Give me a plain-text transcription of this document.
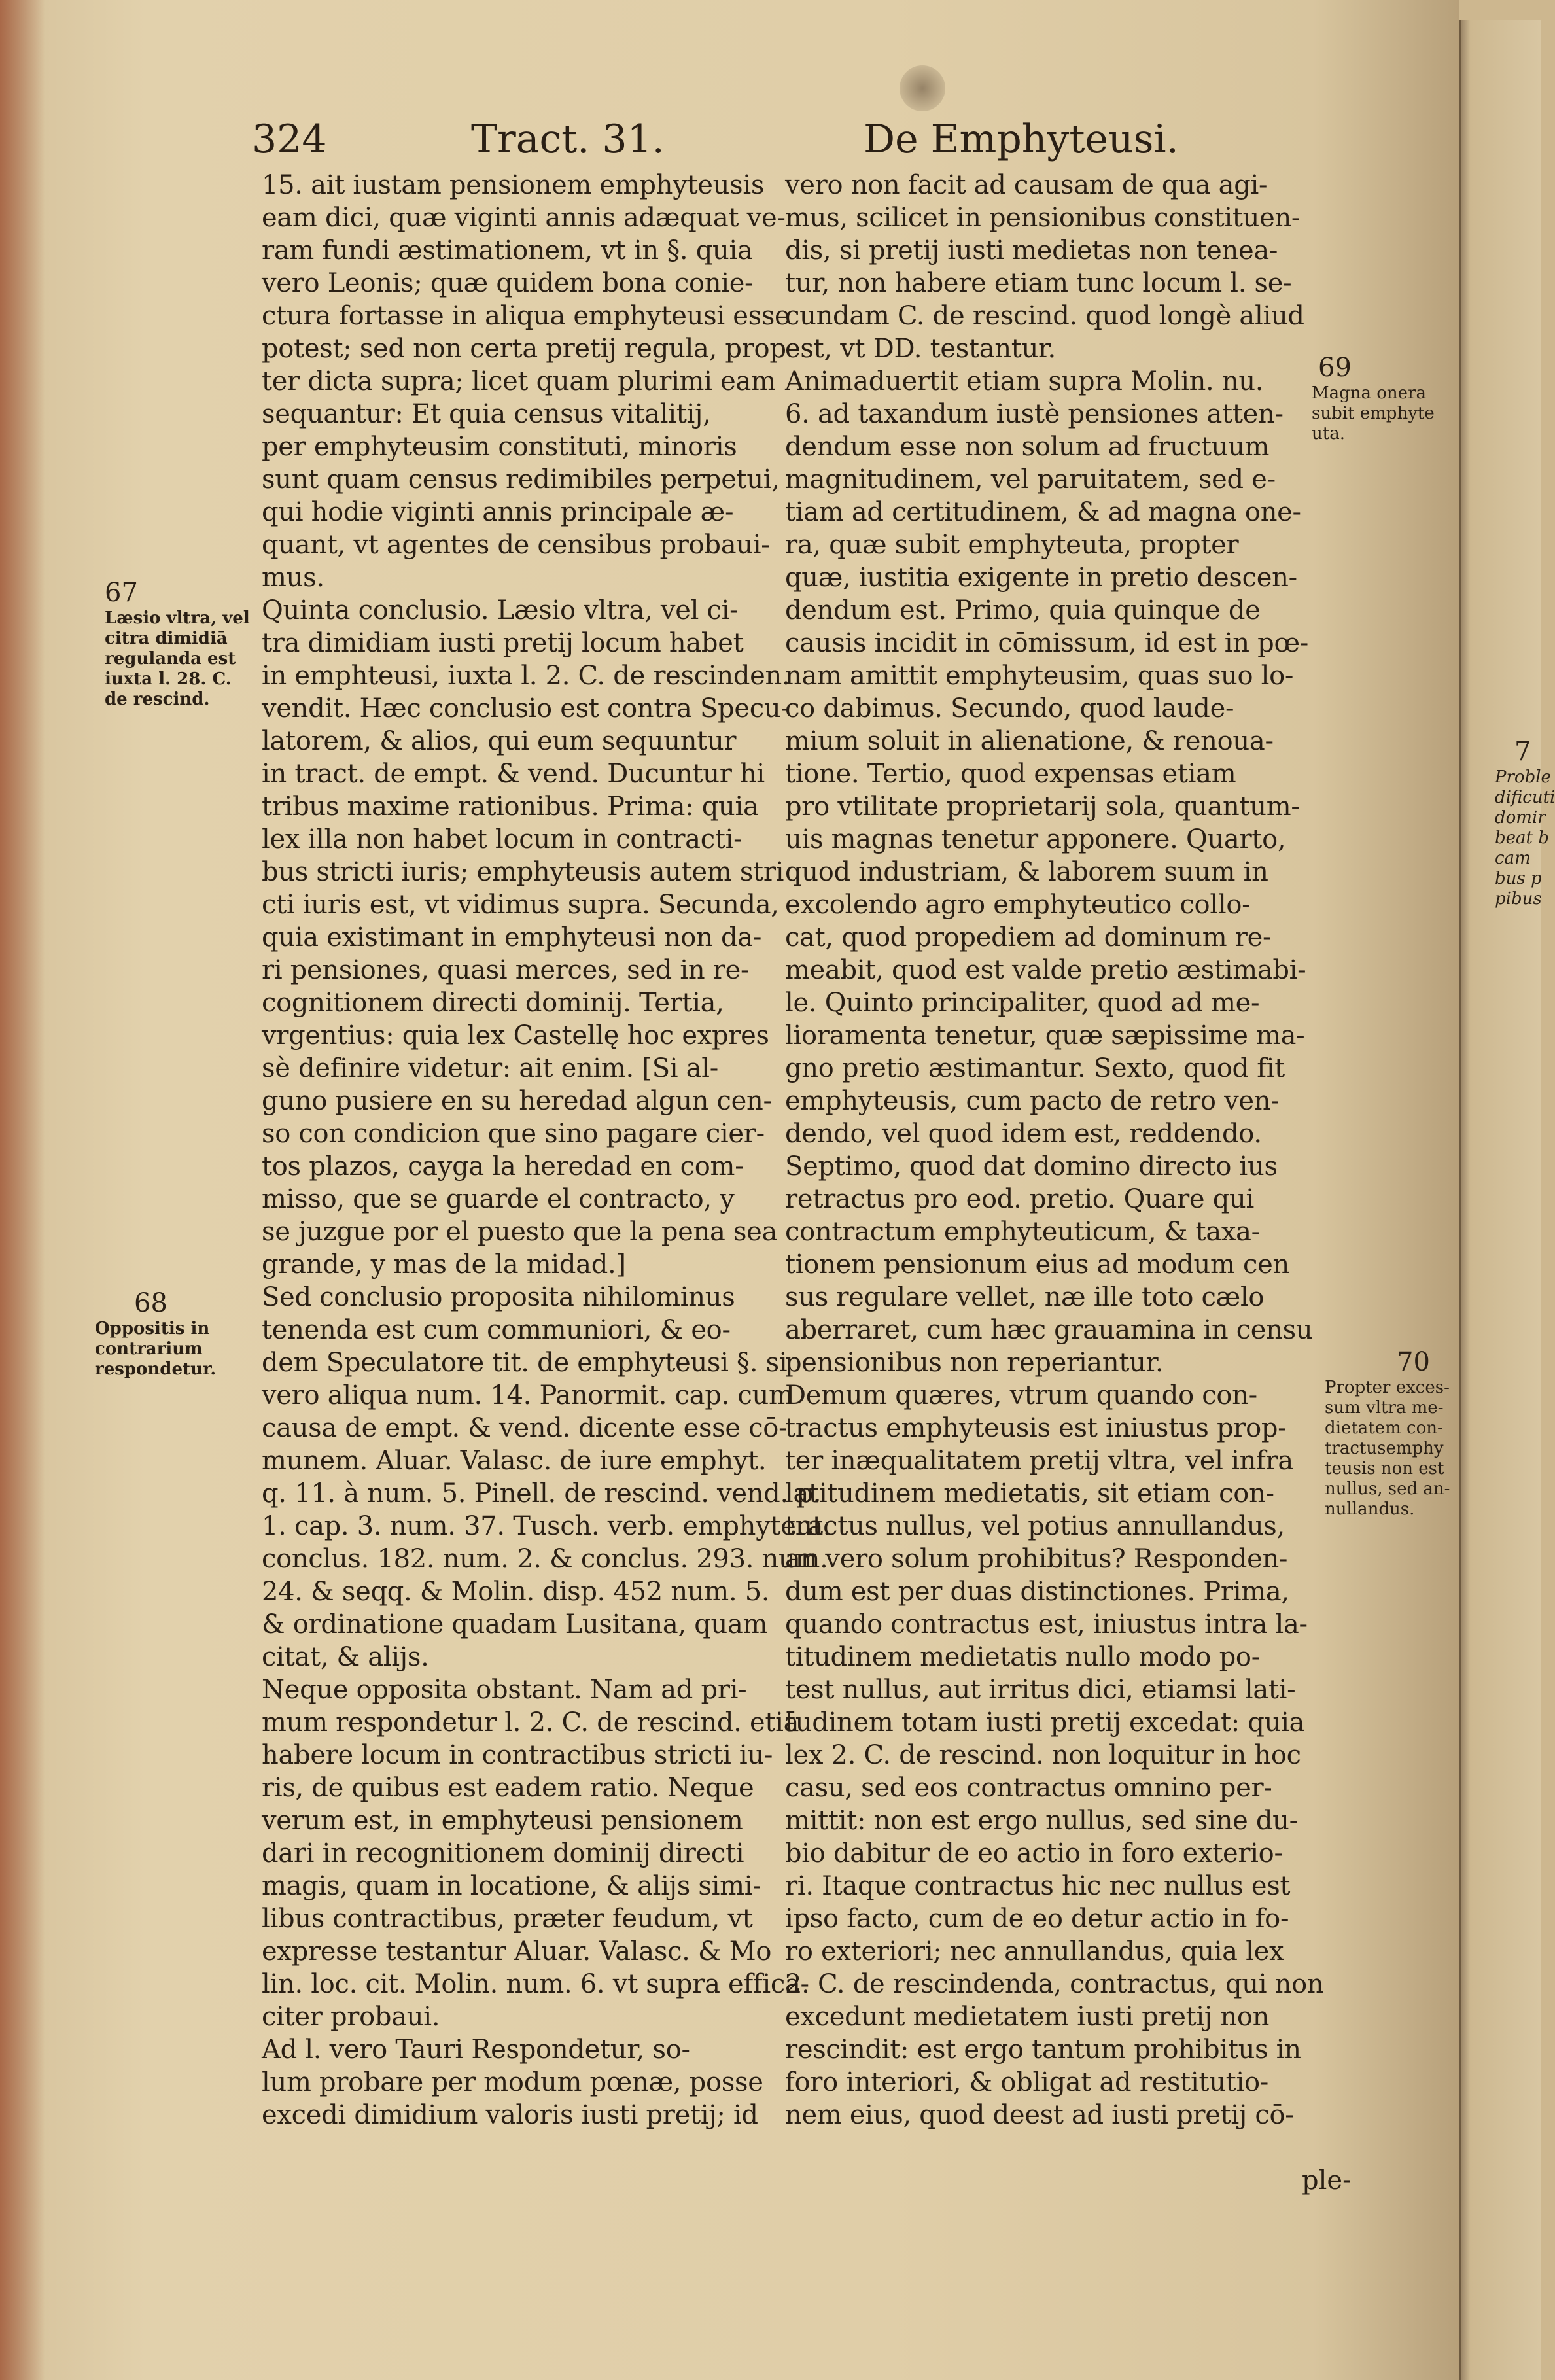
324	Tract. 31.	De Emphyteusi.

15. ait iustam pensionem emphyteusis

eam dici, quæ viginti annis adæquat ve-

ram fundi æstimationem, vt in §. quia

vero Leonis; quæ quidem bona conie-

ctura fortasse in aliqua emphyteusi esse

potest; sed non certa pretij regula, prop

ter dicta supra; licet quam plurimi eam

sequantur: Et quia census vitalitij,

per emphyteusim constituti, minoris

sunt quam census redimibiles perpetui,

qui hodie viginti annis principale æ-

quant, vt agentes de censibus probaui-

mus.

Quinta conclusio. Læsio vltra, vel ci-

tra dimidiam iusti pretij locum habet

in emphteusi, iuxta l. 2. C. de rescinden.

vendit. Hæc conclusio est contra Specu-

latorem, & alios, qui eum sequuntur

in tract. de empt. & vend. Ducuntur hi

tribus maxime rationibus. Prima: quia

lex illa non habet locum in contracti-

bus stricti iuris; emphyteusis autem stri

cti iuris est, vt vidimus supra. Secunda,

quia existimant in emphyteusi non da-

ri pensiones, quasi merces, sed in re-

cognitionem directi dominij. Tertia,

vrgentius: quia lex Castellę hoc expres

sè definire videtur: ait enim. [Si al-

guno pusiere en su heredad algun cen-

so con condicion que sino pagare cier-

tos plazos, cayga la heredad en com-

misso, que se guarde el contracto, y

se juzgue por el puesto que la pena sea

grande, y mas de la midad.]

Sed conclusio proposita nihilominus

tenenda est cum communiori, & eo-

dem Speculatore tit. de emphyteusi §. si

vero aliqua num. 14. Panormit. cap. cum

causa de empt. & vend. dicente esse cō-

munem. Aluar. Valasc. de iure emphyt.

q. 11. à num. 5. Pinell. de rescind. vend. p.

1. cap. 3. num. 37. Tusch. verb. emphyteut.

conclus. 182. num. 2. & conclus. 293. num.

24. & seqq. & Molin. disp. 452 num. 5.

& ordinatione quadam Lusitana, quam

citat, & alijs.

Neque opposita obstant. Nam ad pri-

mum respondetur l. 2. C. de rescind. etiā

habere locum in contractibus stricti iu-

ris, de quibus est eadem ratio. Neque

verum est, in emphyteusi pensionem

dari in recognitionem dominij directi

magis, quam in locatione, & alijs simi-

libus contractibus, præter feudum, vt

expresse testantur Aluar. Valasc. & Mo

lin. loc. cit. Molin. num. 6. vt supra effica-

citer probaui.

Ad l. vero Tauri Respondetur, so-

lum probare per modum pœnæ, posse

excedi dimidium valoris iusti pretij; id

vero non facit ad causam de qua agi-

mus, scilicet in pensionibus constituen-

dis, si pretij iusti medietas non tenea-

tur, non habere etiam tunc locum l. se-

cundam C. de rescind. quod longè aliud

est, vt DD. testantur.

Animaduertit etiam supra Molin. nu.

6. ad taxandum iustè pensiones atten-

dendum esse non solum ad fructuum

magnitudinem, vel paruitatem, sed e-

tiam ad certitudinem, & ad magna one-

ra, quæ subit emphyteuta, propter

quæ, iustitia exigente in pretio descen-

dendum est. Primo, quia quinque de

causis incidit in cōmissum, id est in pœ-

nam amittit emphyteusim, quas suo lo-

co dabimus. Secundo, quod laude-

mium soluit in alienatione, & renoua-

tione. Tertio, quod expensas etiam

pro vtilitate proprietarij sola, quantum-

uis magnas tenetur apponere. Quarto,

quod industriam, & laborem suum in

excolendo agro emphyteutico collo-

cat, quod propediem ad dominum re-

meabit, quod est valde pretio æstimabi-

le. Quinto principaliter, quod ad me-

lioramenta tenetur, quæ sæpissime ma-

gno pretio æstimantur. Sexto, quod fit

emphyteusis, cum pacto de retro ven-

dendo, vel quod idem est, reddendo.

Septimo, quod dat domino directo ius

retractus pro eod. pretio. Quare qui

contractum emphyteuticum, & taxa-

tionem pensionum eius ad modum cen

sus regulare vellet, næ ille toto cælo

aberraret, cum hæc grauamina in censu

pensionibus non reperiantur.

Demum quæres, vtrum quando con-

tractus emphyteusis est iniustus prop-

ter inæqualitatem pretij vltra, vel infra

latitudinem medietatis, sit etiam con-

tractus nullus, vel potius annullandus,

an vero solum prohibitus? Responden-

dum est per duas distinctiones. Prima,

quando contractus est, iniustus intra la-

titudinem medietatis nullo modo po-

test nullus, aut irritus dici, etiamsi lati-

tudinem totam iusti pretij excedat: quia

lex 2. C. de rescind. non loquitur in hoc

casu, sed eos contractus omnino per-

mittit: non est ergo nullus, sed sine du-

bio dabitur de eo actio in foro exterio-

ri. Itaque contractus hic nec nullus est

ipso facto, cum de eo detur actio in fo-

ro exteriori; nec annullandus, quia lex

2. C. de rescindenda, contractus, qui non

excedunt medietatem iusti pretij non

rescindit: est ergo tantum prohibitus in

foro interiori, & obligat ad restitutio-

nem eius, quod deest ad iusti pretij cō-

67
Læsio vltra, vel
citra dimidiā
regulanda est
iuxta l. 28. C.
de rescind.
68
Oppositis in
contrarium
respondetur.
69
Magna onera
subit emphyte
uta.
70
Propter exces-
sum vltra me-
dietatem con-
tractusemphy
teusis non est
nullus, sed an-
nullandus.
ple-
7
Proble
dificuti
domir
beat b
cam
bus p
pibus
